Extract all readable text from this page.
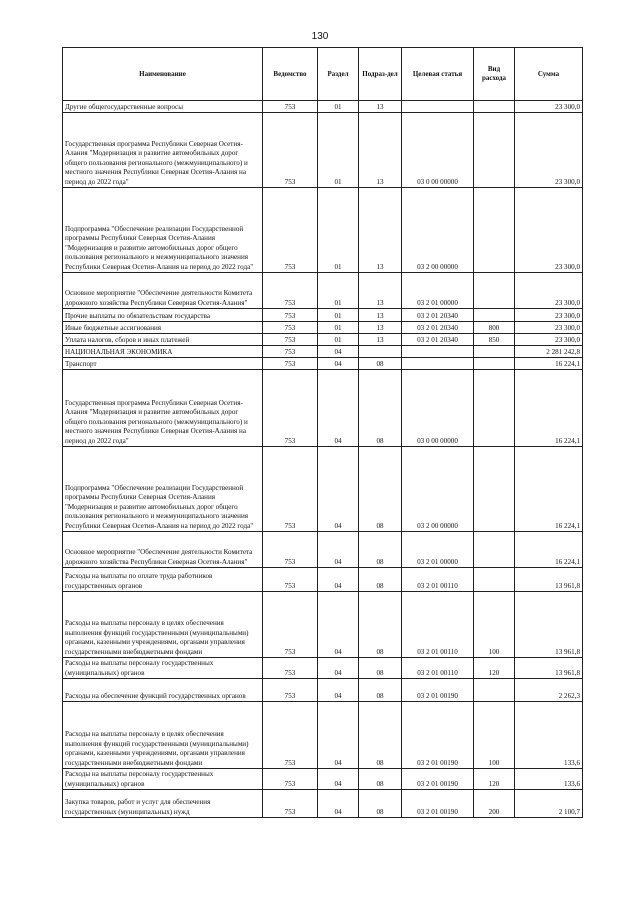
130
Наименование	Ведомство	Раздел	Подраз-дел	Целевая статья	Вид расхода	Сумма
Другие общегосударственные вопросы	753	01	13			23 300,0
Государственная программа Республики Северная Осетия-Алания "Модернизация и развитие автомобильных дорог общего пользования регионального (межмуниципального) и местного значения Республики Северная Осетия-Алания на период до 2022 года"	753	01	13	03 0 00 00000		23 300,0
Подпрограмма "Обеспечение реализации Государственной программы Республики Северная Осетия-Алания "Модернизация и развитие автомобильных дорог общего пользования регионального и межмуниципального значения Республики Северная Осетия-Алания на период до 2022 года"	753	01	13	03 2 00 00000		23 300,0
Основное мероприятие "Обеспечение деятельности Комитета дорожного хозяйства Республики Северная Осетия-Алания"	753	01	13	03 2 01 00000		23 300,0
Прочие выплаты по обязательствам государства	753	01	13	03 2 01 20340		23 300,0
Иные бюджетные ассигнования	753	01	13	03 2 01 20340	800	23 300,0
Уплата налогов, сборов и иных платежей	753	01	13	03 2 01 20340	850	23 300,0
НАЦИОНАЛЬНАЯ ЭКОНОМИКА	753	04				2 281 242,8
Транспорт	753	04	08			16 224,1
Государственная программа Республики Северная Осетия-Алания "Модернизация и развитие автомобильных дорог общего пользования регионального (межмуниципального) и местного значения Республики Северная Осетия-Алания на период до 2022 года"	753	04	08	03 0 00 00000		16 224,1
Подпрограмма "Обеспечение реализации Государственной программы Республики Северная Осетия-Алания "Модернизация и развитие автомобильных дорог общего пользования регионального и межмуниципального значения Республики Северная Осетия-Алания на период до 2022 года"	753	04	08	03 2 00 00000		16 224,1
Основное мероприятие "Обеспечение деятельности Комитета дорожного хозяйства Республики Северная Осетия-Алания"	753	04	08	03 2 01 00000		16 224,1
Расходы на выплаты по оплате труда работников государственных органов	753	04	08	03 2 01 00110		13 961,8
Расходы на выплаты персоналу в целях обеспечения выполнения функций государственными (муниципальными) органами, казенными учреждениями, органами управления государственными внебюджетными фондами	753	04	08	03 2 01 00110	100	13 961,8
Расходы на выплаты персоналу государственных (муниципальных) органов	753	04	08	03 2 01 00110	120	13 961,8
Расходы на обеспечение функций государственных органов	753	04	08	03 2 01 00190		2 262,3
Расходы на выплаты персоналу в целях обеспечения выполнения функций государственными (муниципальными) органами, казенными учреждениями, органами управления государственными внебюджетными фондами	753	04	08	03 2 01 00190	100	133,6
Расходы на выплаты персоналу государственных (муниципальных) органов	753	04	08	03 2 01 00190	120	133,6
Закупка товаров, работ и услуг для обеспечения государственных (муниципальных) нужд	753	04	08	03 2 01 00190	200	2 100,7
